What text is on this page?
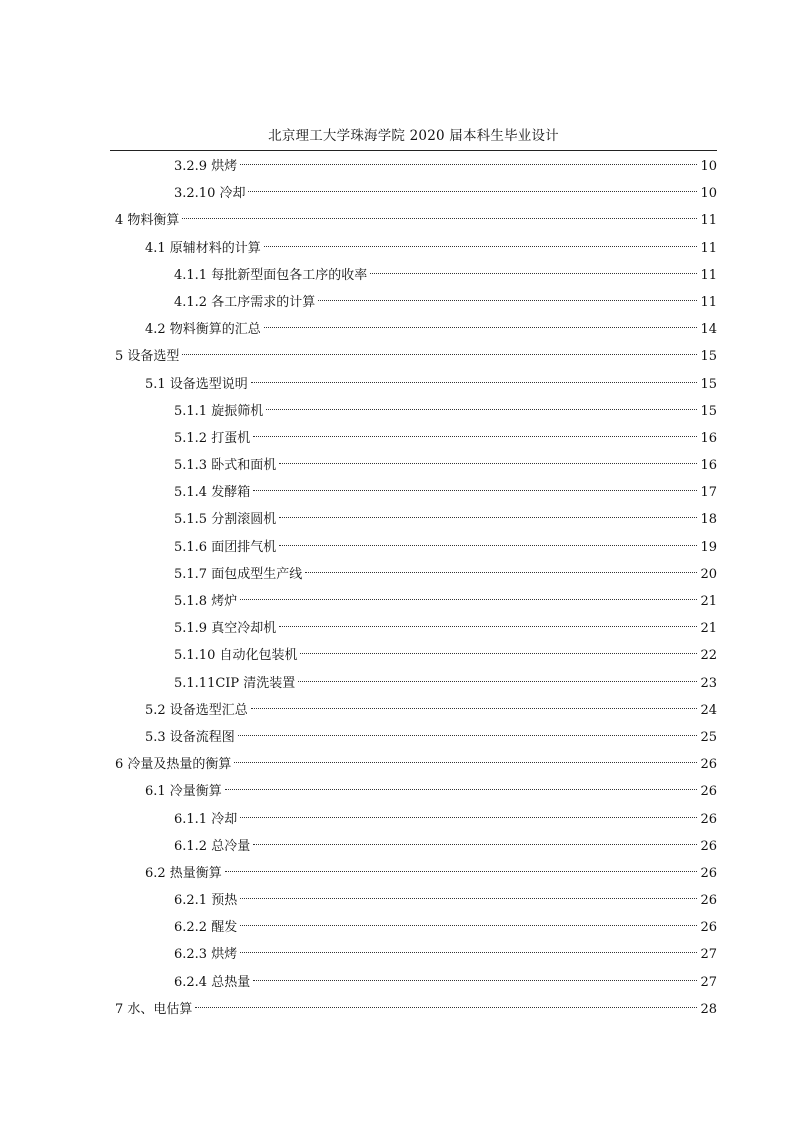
北京理工大学珠海学院 2020 届本科生毕业设计
3.2.9 烘烤	10
3.2.10 冷却	10
4 物料衡算	11
4.1 原辅材料的计算	11
4.1.1 每批新型面包各工序的收率	11
4.1.2 各工序需求的计算	11
4.2 物料衡算的汇总	14
5 设备选型	15
5.1 设备选型说明	15
5.1.1 旋振筛机	15
5.1.2 打蛋机	16
5.1.3 卧式和面机	16
5.1.4 发酵箱	17
5.1.5 分割滚圆机	18
5.1.6 面团排气机	19
5.1.7 面包成型生产线	20
5.1.8 烤炉	21
5.1.9 真空冷却机	21
5.1.10 自动化包装机	22
5.1.11CIP 清洗装置	23
5.2 设备选型汇总	24
5.3 设备流程图	25
6 冷量及热量的衡算	26
6.1 冷量衡算	26
6.1.1 冷却	26
6.1.2 总冷量	26
6.2 热量衡算	26
6.2.1 预热	26
6.2.2 醒发	26
6.2.3 烘烤	27
6.2.4 总热量	27
7 水、电估算	28
